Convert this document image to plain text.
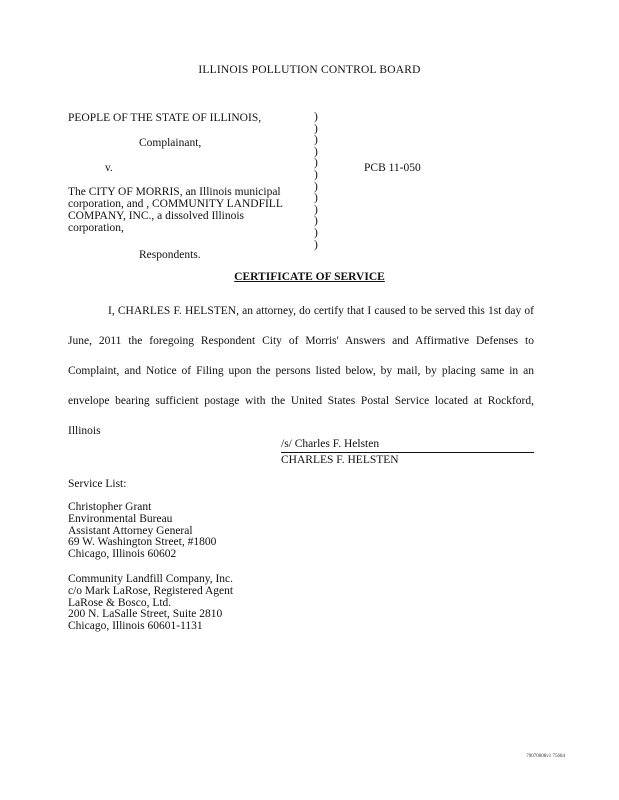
ILLINOIS POLLUTION CONTROL BOARD
PEOPLE OF THE STATE OF ILLINOIS,
Complainant,
v.
The CITY OF MORRIS, an Illinois municipal
corporation, and , COMMUNITY LANDFILL
COMPANY, INC., a dissolved Illinois
corporation,
Respondents.
)
)
)
)
)
)
)
)
)
)
)
)
PCB 11-050
CERTIFICATE OF SERVICE
I, CHARLES F. HELSTEN, an attorney, do certify that I caused to be served this 1st day of June, 2011 the foregoing Respondent City of Morris' Answers and Affirmative Defenses to Complaint, and Notice of Filing upon the persons listed below, by mail, by placing same in an envelope bearing sufficient postage with the United States Postal Service located at Rockford, Illinois
/s/ Charles F. Helsten
CHARLES F. HELSTEN
Service List:
Christopher Grant
Environmental Bureau
Assistant Attorney General
69 W. Washington Street, #1800
Chicago, Illinois 60602
Community Landfill Company, Inc.
c/o Mark LaRose, Registered Agent
LaRose & Bosco, Ltd.
200 N. LaSalle Street, Suite 2810
Chicago, Illinois 60601-1131
70070608v1 75684
